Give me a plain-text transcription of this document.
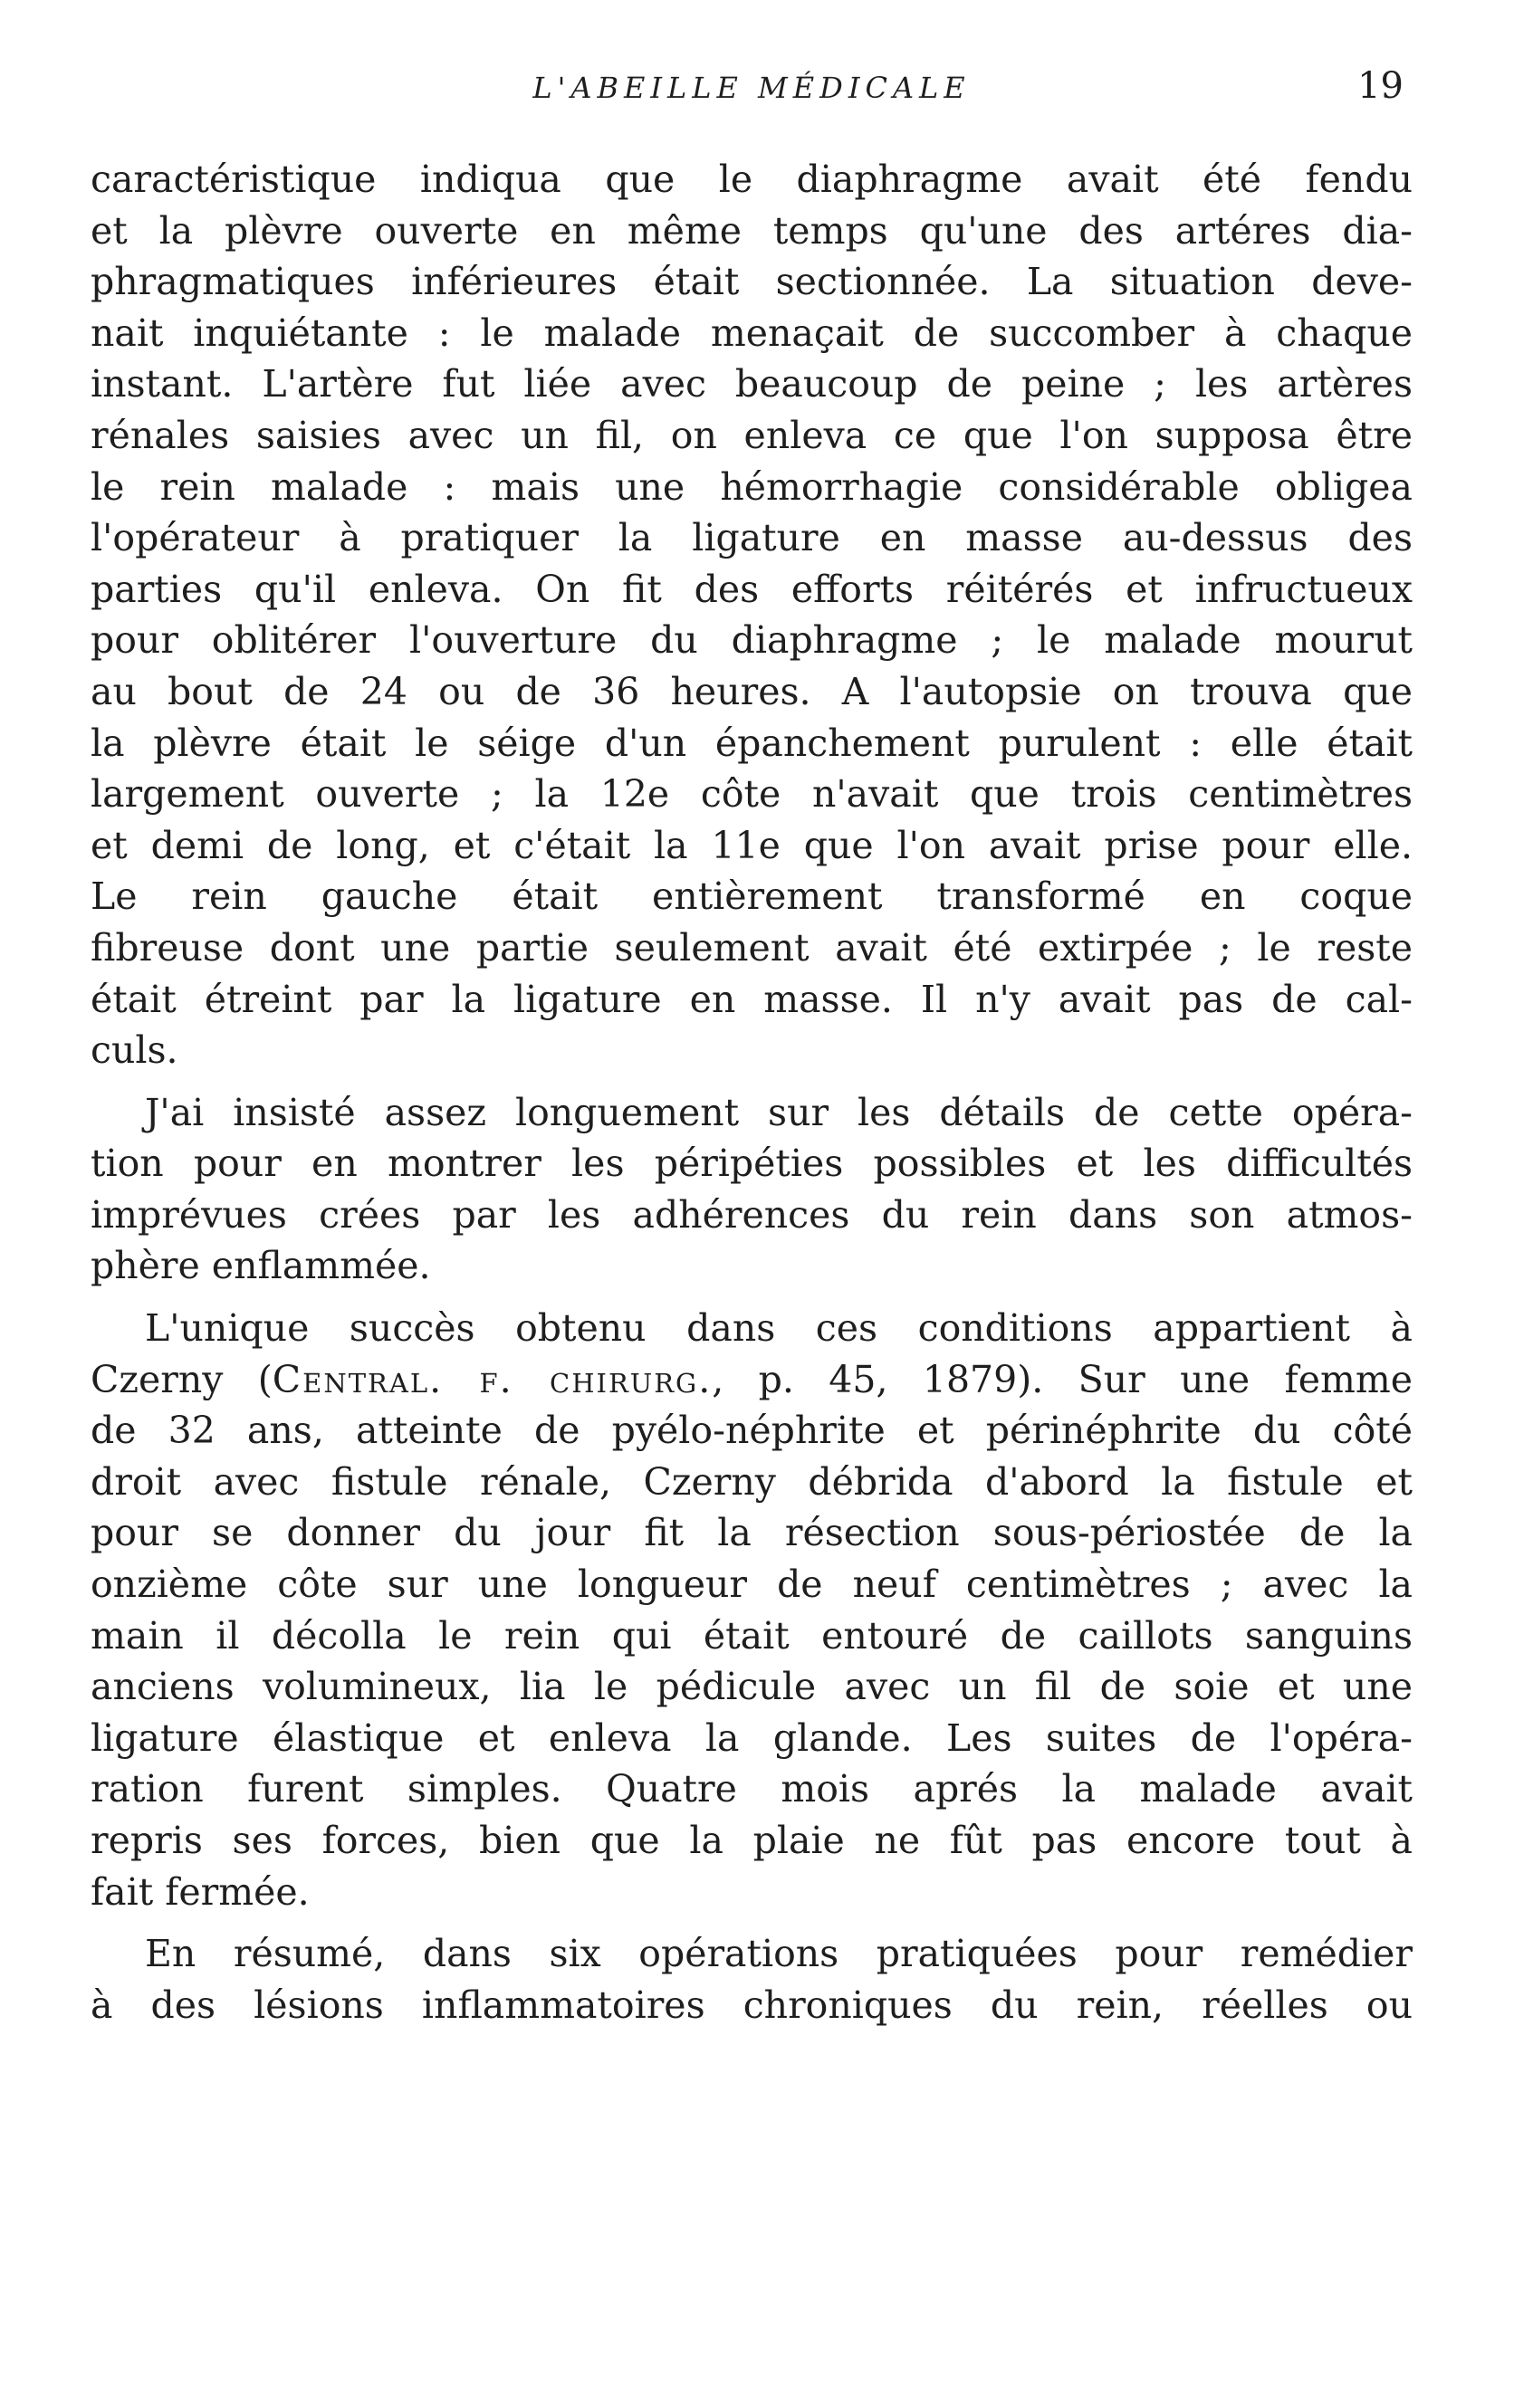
L'ABEILLE MÉDICALE	19

caractéristique indiqua que le diaphragme avait été fendu

et la plèvre ouverte en même temps qu'une des artéres dia-

phragmatiques inférieures était sectionnée. La situation deve-

nait inquiétante : le malade menaçait de succomber à chaque

instant. L'artère fut liée avec beaucoup de peine ; les artères

rénales saisies avec un fil, on enleva ce que l'on supposa être

le rein malade : mais une hémorrhagie considérable obligea

l'opérateur à pratiquer la ligature en masse au-dessus des

parties qu'il enleva. On fit des efforts réitérés et infructueux

pour oblitérer l'ouverture du diaphragme ; le malade mourut

au bout de 24 ou de 36 heures. A l'autopsie on trouva que

la plèvre était le séige d'un épanchement purulent : elle était

largement ouverte ; la 12e côte n'avait que trois centimètres

et demi de long, et c'était la 11e que l'on avait prise pour elle.

Le rein gauche était entièrement transformé en coque

fibreuse dont une partie seulement avait été extirpée ; le reste

était étreint par la ligature en masse. Il n'y avait pas de cal-

culs.

J'ai insisté assez longuement sur les détails de cette opéra-

tion pour en montrer les péripéties possibles et les difficultés

imprévues crées par les adhérences du rein dans son atmos-

phère enflammée.

L'unique succès obtenu dans ces conditions appartient à

Czerny (Central. f. chirurg., p. 45, 1879). Sur une femme

de 32 ans, atteinte de pyélo-néphrite et périnéphrite du côté

droit avec fistule rénale, Czerny débrida d'abord la fistule et

pour se donner du jour fit la résection sous-périostée de la

onzième côte sur une longueur de neuf centimètres ; avec la

main il décolla le rein qui était entouré de caillots sanguins

anciens volumineux, lia le pédicule avec un fil de soie et une

ligature élastique et enleva la glande. Les suites de l'opéra-

ration furent simples. Quatre mois aprés la malade avait

repris ses forces, bien que la plaie ne fût pas encore tout à

fait fermée.

En résumé, dans six opérations pratiquées pour remédier

à des lésions inflammatoires chroniques du rein, réelles ou
